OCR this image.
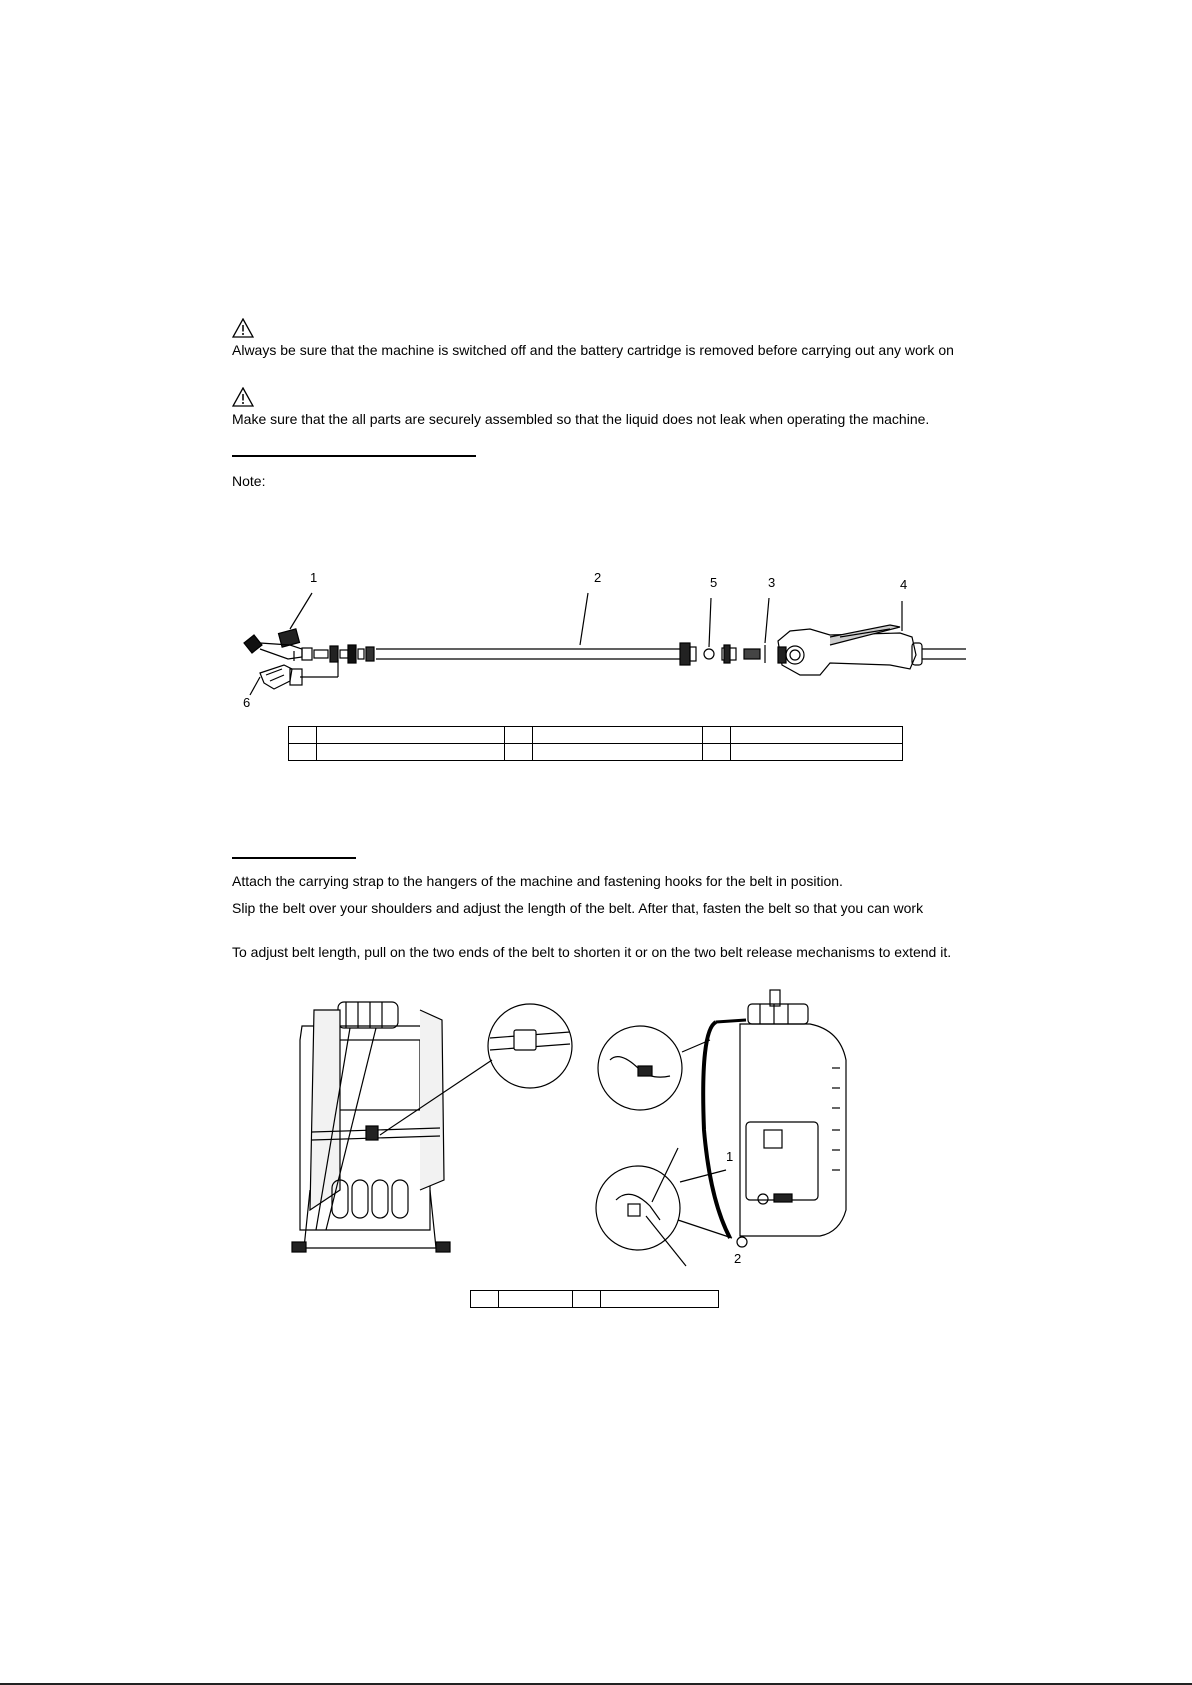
Always be sure that the machine is switched off and the battery cartridge is removed before carrying out any work on
Make sure that the all parts are securely assembled so that the liquid does not leak when operating the machine.
Note:
1	2	5	3	4
6

Attach the carrying strap to the hangers of the machine and fastening hooks for the belt in position.
Slip the belt over your shoulders and adjust the length of the belt. After that, fasten the belt so that you can work
To adjust belt length, pull on the two ends of the belt to shorten it or on the two belt release mechanisms to extend it.
1
2
